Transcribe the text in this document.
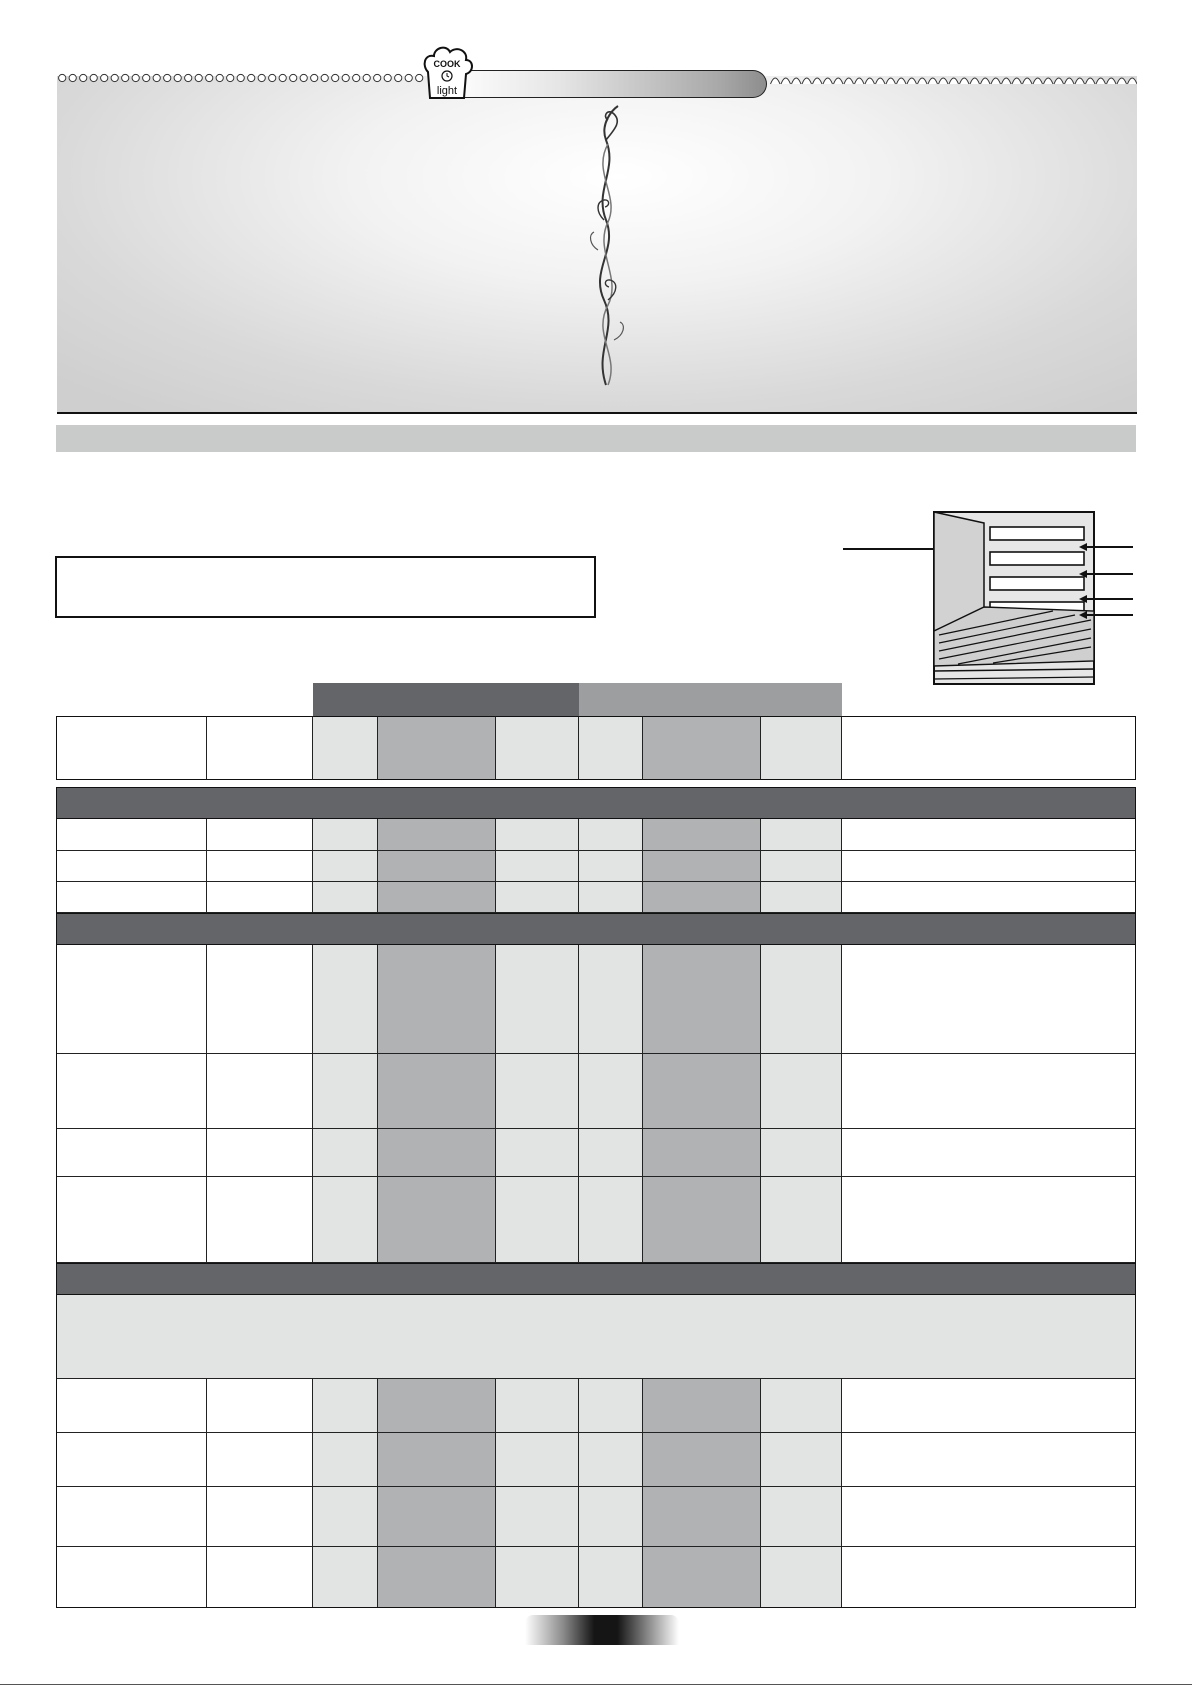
COOK
light
